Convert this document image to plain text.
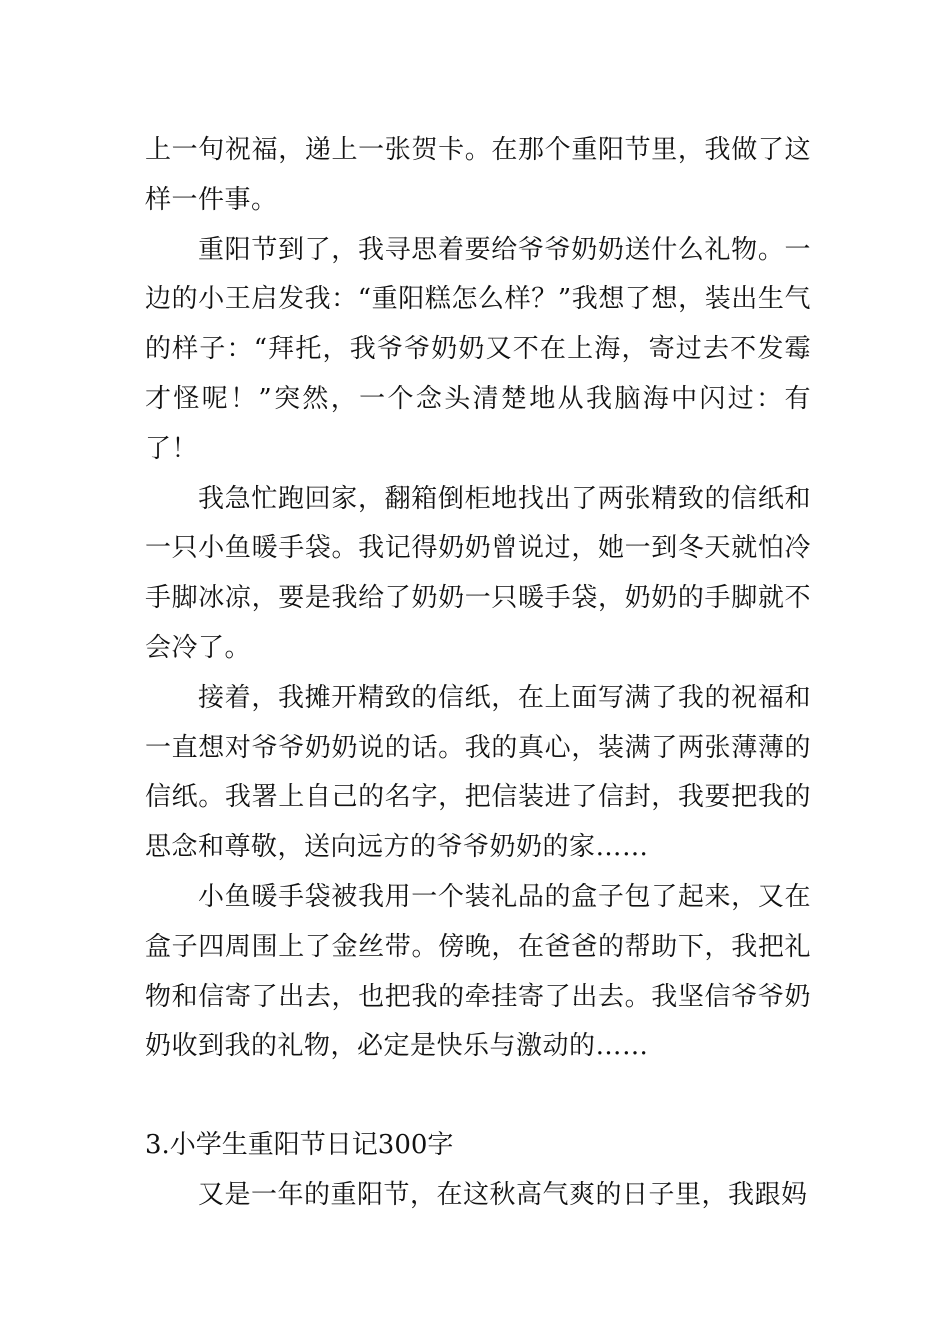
上一句祝福，递上一张贺卡。在那个重阳节里，我做了这样一件事。

重阳节到了，我寻思着要给爷爷奶奶送什么礼物。一边的小王启发我：“重阳糕怎么样？”我想了想，装出生气的样子：“拜托，我爷爷奶奶又不在上海，寄过去不发霉才怪呢！”突然，一个念头清楚地从我脑海中闪过：有了！

我急忙跑回家，翻箱倒柜地找出了两张精致的信纸和一只小鱼暖手袋。我记得奶奶曾说过，她一到冬天就怕冷手脚冰凉，要是我给了奶奶一只暖手袋，奶奶的手脚就不会冷了。

接着，我摊开精致的信纸，在上面写满了我的祝福和一直想对爷爷奶奶说的话。我的真心，装满了两张薄薄的信纸。我署上自己的名字，把信装进了信封，我要把我的思念和尊敬，送向远方的爷爷奶奶的家……

小鱼暖手袋被我用一个装礼品的盒子包了起来，又在盒子四周围上了金丝带。傍晚，在爸爸的帮助下，我把礼物和信寄了出去，也把我的牵挂寄了出去。我坚信爷爷奶奶收到我的礼物，必定是快乐与激动的……

3.小学生重阳节日记300字

又是一年的重阳节，在这秋高气爽的日子里，我跟妈
